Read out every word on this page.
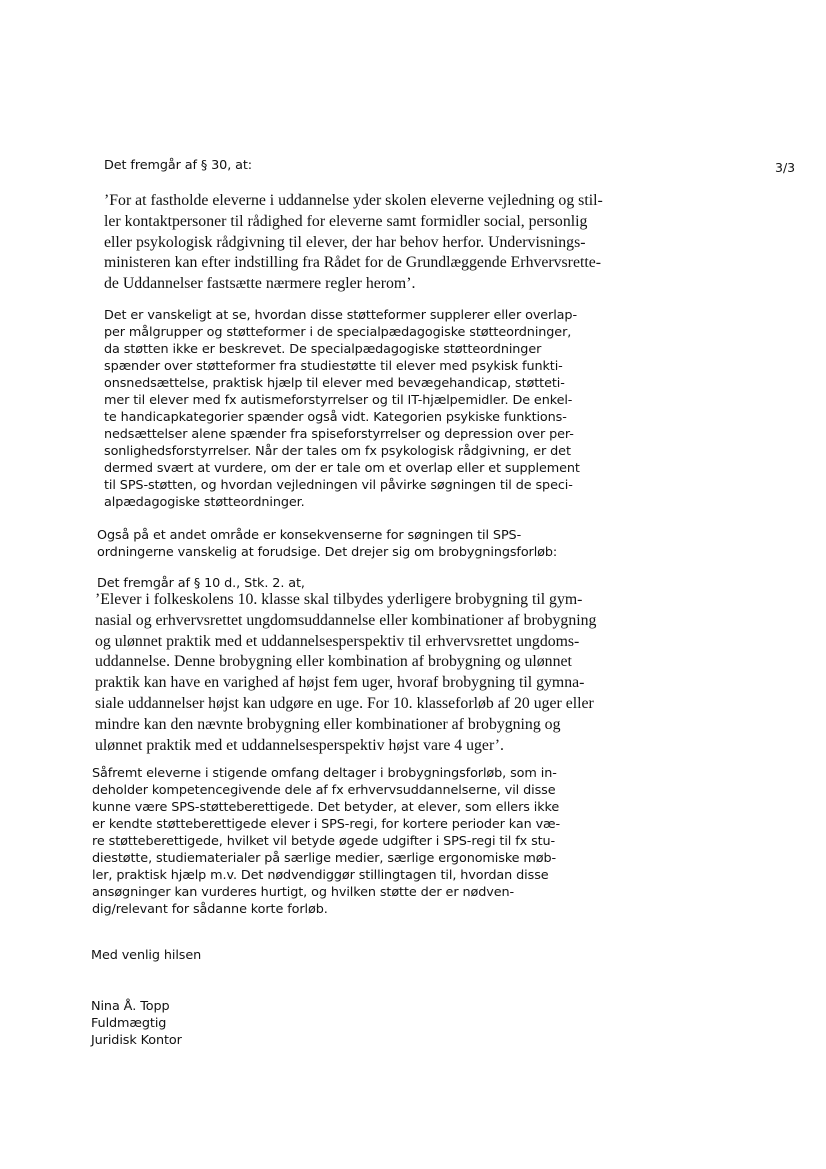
3/3

Det fremgår af § 30, at:

’For at fastholde eleverne i uddannelse yder skolen eleverne vejledning og stil-
ler kontaktpersoner til rådighed for eleverne samt formidler social, personlig
eller psykologisk rådgivning til elever, der har behov herfor. Undervisnings-
ministeren kan efter indstilling fra Rådet for de Grundlæggende Erhvervsrette-
de Uddannelser fastsætte nærmere regler herom’.

Det er vanskeligt at se, hvordan disse støtteformer supplerer eller overlap-
per målgrupper og støtteformer i de specialpædagogiske støtteordninger,
da støtten ikke er beskrevet. De specialpædagogiske støtteordninger
spænder over støtteformer fra studiestøtte til elever med psykisk funkti-
onsnedsættelse, praktisk hjælp til elever med bevægehandicap, støtteti-
mer til elever med fx autismeforstyrrelser og til IT-hjælpemidler. De enkel-
te handicapkategorier spænder også vidt. Kategorien psykiske funktions-
nedsættelser alene spænder fra spiseforstyrrelser og depression over per-
sonlighedsforstyrrelser. Når der tales om fx psykologisk rådgivning, er det
dermed svært at vurdere, om der er tale om et overlap eller et supplement
til SPS-støtten, og hvordan vejledningen vil påvirke søgningen til de speci-
alpædagogiske støtteordninger.

Også på et andet område er konsekvenserne for søgningen til SPS-
ordningerne vanskelig at forudsige. Det drejer sig om brobygningsforløb:

Det fremgår af § 10 d., Stk. 2. at,

’Elever i folkeskolens 10. klasse skal tilbydes yderligere brobygning til gym-
nasial og erhvervsrettet ungdomsuddannelse eller kombinationer af brobygning
og ulønnet praktik med et uddannelsesperspektiv til erhvervsrettet ungdoms-
uddannelse. Denne brobygning eller kombination af brobygning og ulønnet
praktik kan have en varighed af højst fem uger, hvoraf brobygning til gymna-
siale uddannelser højst kan udgøre en uge. For 10. klasseforløb af 20 uger eller
mindre kan den nævnte brobygning eller kombinationer af brobygning og
ulønnet praktik med et uddannelsesperspektiv højst vare 4 uger’.

Såfremt eleverne i stigende omfang deltager i brobygningsforløb, som in-
deholder kompetencegivende dele af fx erhvervsuddannelserne, vil disse
kunne være SPS-støtteberettigede. Det betyder, at elever, som ellers ikke
er kendte støtteberettigede elever i SPS-regi, for kortere perioder kan væ-
re støtteberettigede, hvilket vil betyde øgede udgifter i SPS-regi til fx stu-
diestøtte, studiematerialer på særlige medier, særlige ergonomiske møb-
ler, praktisk hjælp m.v. Det nødvendiggør stillingtagen til, hvordan disse
ansøgninger kan vurderes hurtigt, og hvilken støtte der er nødven-
dig/relevant for sådanne korte forløb.

Med venlig hilsen

Nina Å. Topp
Fuldmægtig
Juridisk Kontor
